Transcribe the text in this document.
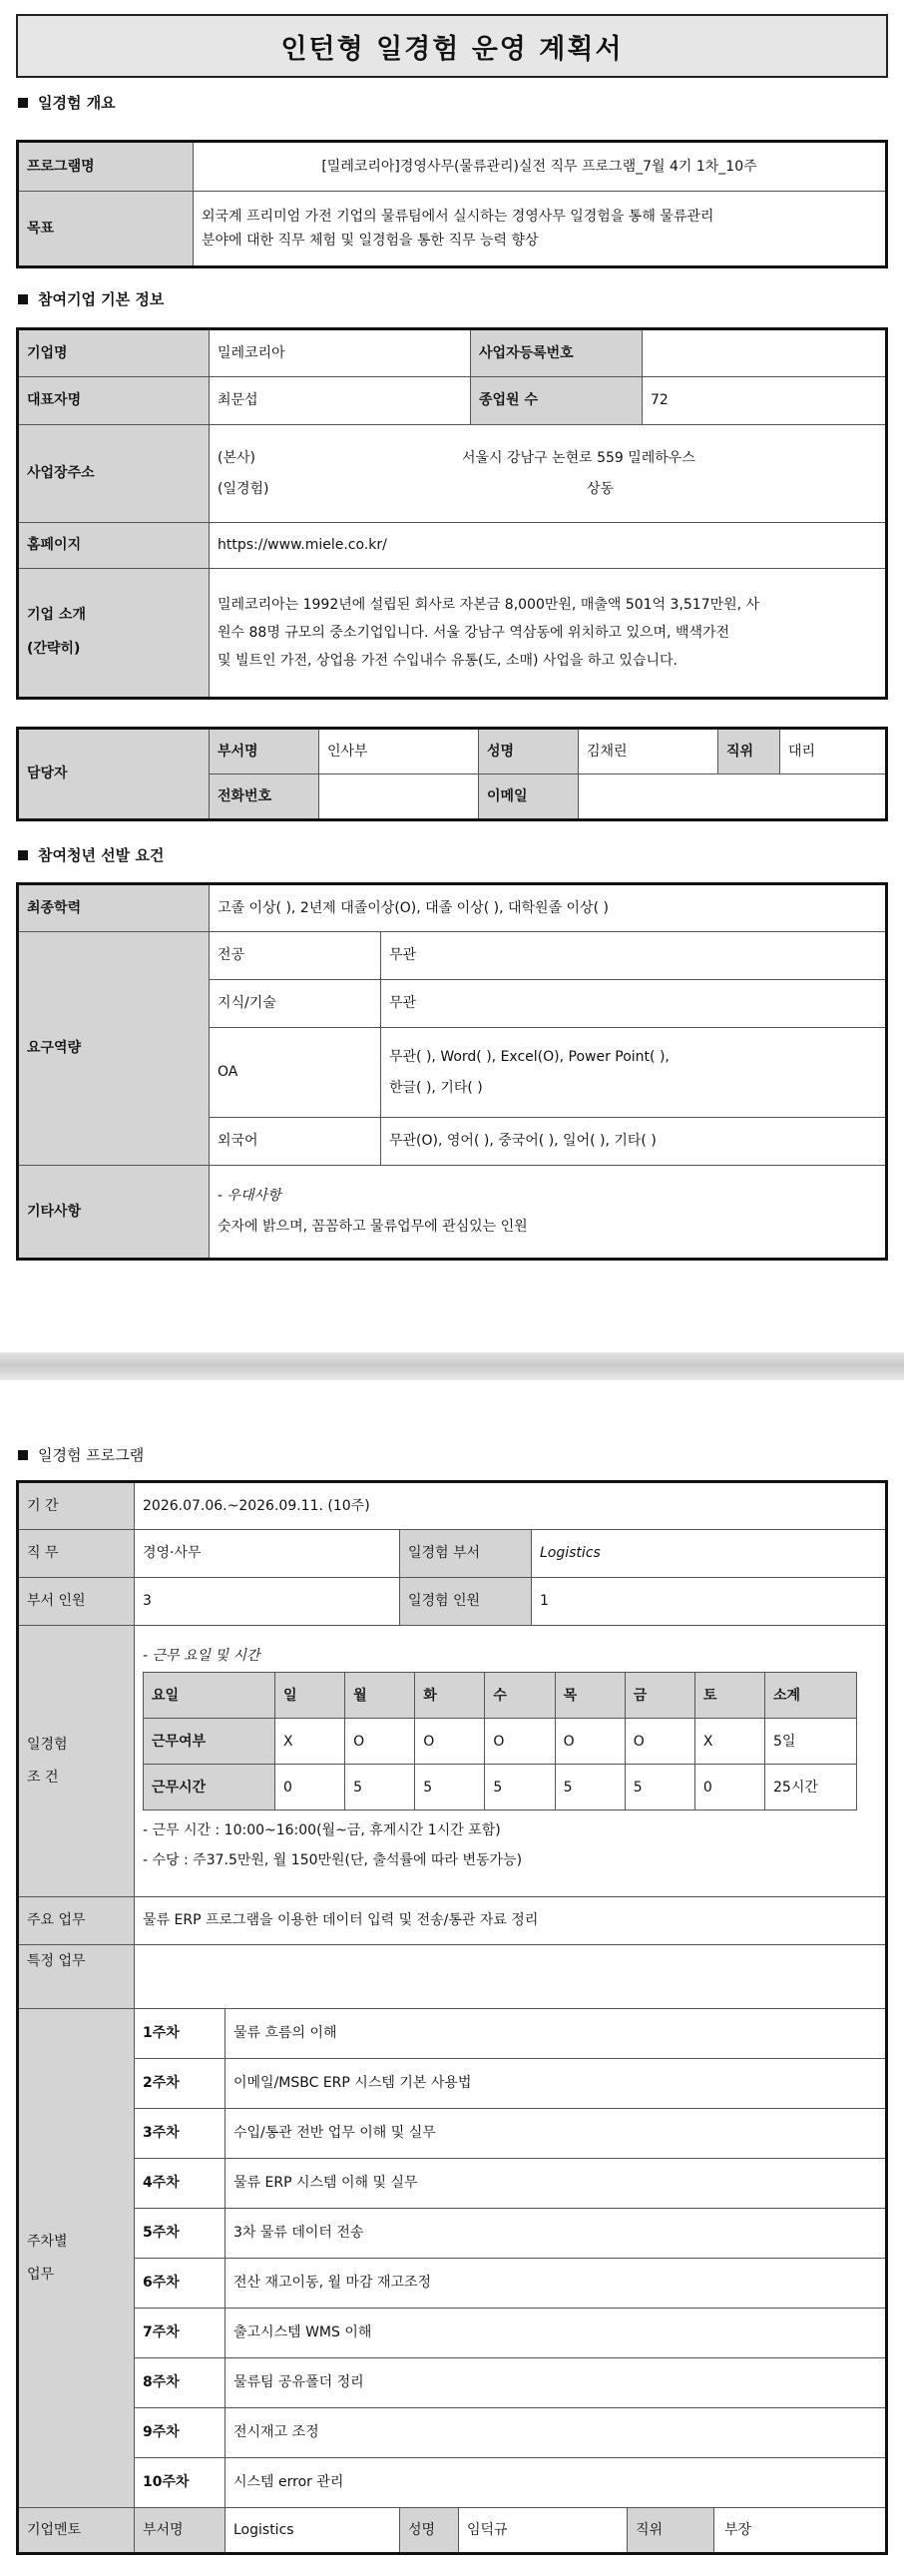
인턴형 일경험 운영 계획서
일경험 개요
프로그램명	[밀레코리아]경영사무(물류관리)실전 직무 프로그램_7월 4기 1차_10주
목표	외국계 프리미엄 가전 기업의 물류팀에서 실시하는 경영사무 일경험을 통해 물류관리
분야에 대한 직무 체험 및 일경험을 통한 직무 능력 향상
참여기업 기본 정보
기업명	밀레코리아	사업자등록번호	
대표자명	최문섭	종업원 수	72
사업장주소	(본사) 서울시 강남구 논현로 559 밀레하우스
(일경험) 상동		

홈페이지	https://www.miele.co.kr/		

기업 소개
(간략히)	밀레코리아는 1992년에 설립된 회사로 자본금 8,000만원, 매출액 501억 3,517만원, 사
원수 88명 규모의 중소기업입니다. 서울 강남구 역삼동에 위치하고 있으며, 백색가전
및 빌트인 가전, 상업용 가전 수입내수 유통(도, 소매) 사업을 하고 있습니다.		
담당자	부서명	인사부	성명	김채린	직위	대리
	전화번호		이메일			
참여청년 선발 요건
최종학력	고졸 이상( ), 2년제 대졸이상(O), 대졸 이상( ), 대학원졸 이상( )	
요구역량	전공	무관
	지식/기술	무관
	OA	무관( ), Word( ), Excel(O), Power Point( ),
한글( ), 기타( )

	외국어	무관(O), 영어( ), 중국어( ), 일어( ), 기타( )
기타사항	- 우대사항
숫자에 밝으며, 꼼꼼하고 물류업무에 관심있는 인원	
일경험 프로그램
기 간	2026.07.06.~2026.09.11. (10주)
직 무	경영·사무	일경험 부서	Logistics
부서 인원	3	일경험 인원	1

일경험
조 건

- 근무 요일 및 시간
요일	일	월	화	수	목	금	토	소계
근무여부	X	O	O	O	O	O	X	5일
근무시간	0	5	5	5	5	5	0	25시간
- 근무 시간 : 10:00~16:00(월~금, 휴게시간 1시간 포함)
- 수당 : 주37.5만원, 월 150만원(단, 출석률에 따라 변동가능)

주요 업무	물류 ERP 프로그램을 이용한 데이터 입력 및 전송/통관 자료 정리
특정 업무	

주차별
업무
	1주차	물류 흐름의 이해
2주차	이메일/MSBC ERP 시스템 기본 사용법
3주차	수입/통관 전반 업무 이해 및 실무
4주차	물류 ERP 시스템 이해 및 실무
5주차	3차 물류 데이터 전송
6주차	전산 재고이동, 월 마감 재고조정
7주차	출고시스템 WMS 이해
8주차	물류팀 공유폴더 정리
9주차	전시재고 조정
10주차	시스템 error 관리
기업멘토	부서명	Logistics	성명	임덕규	직위	부장
